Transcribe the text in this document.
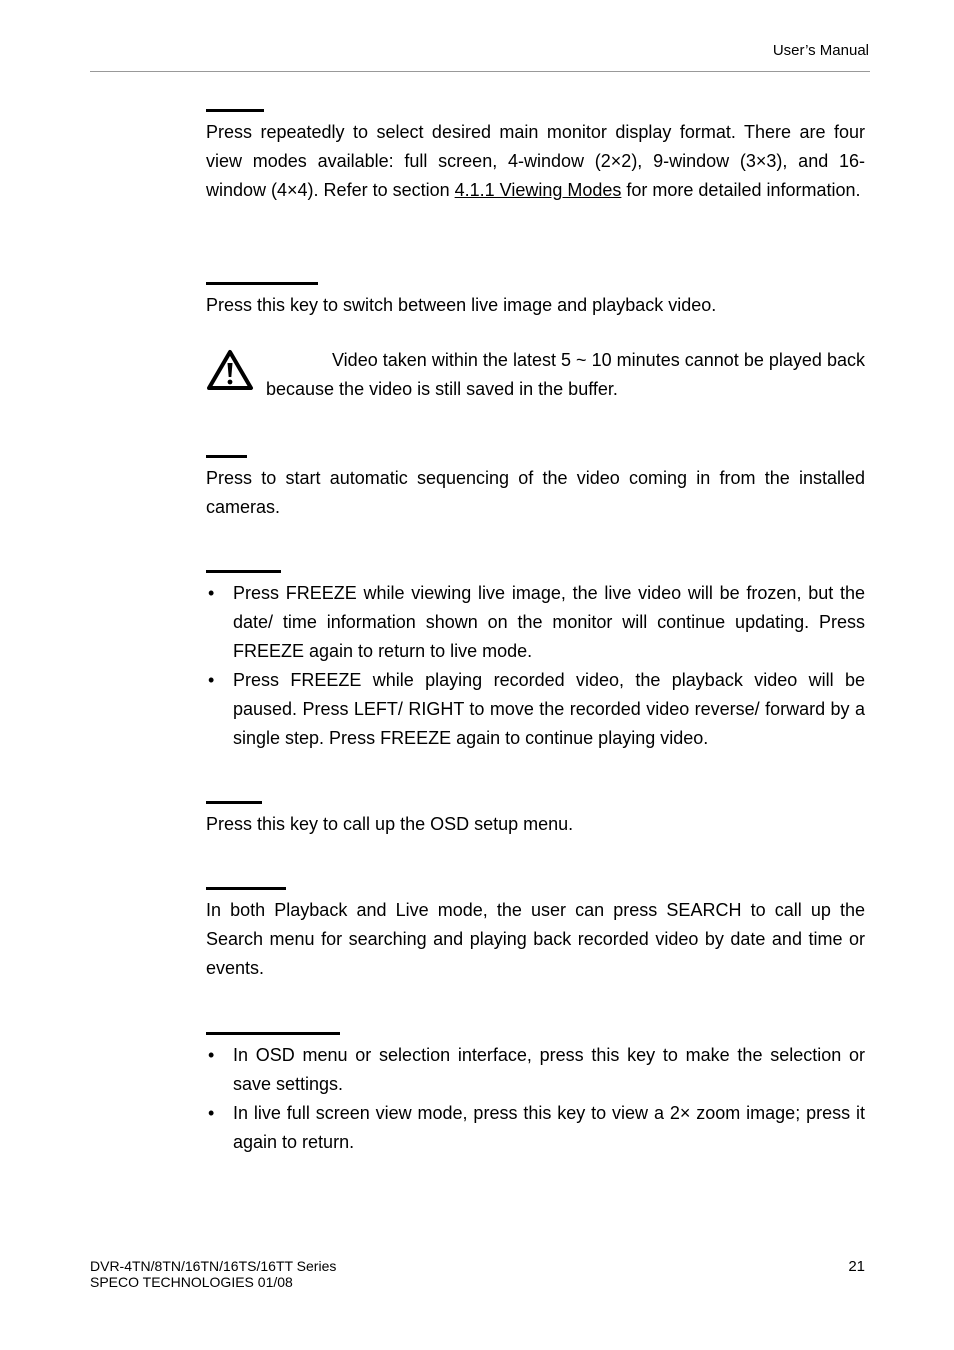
User’s Manual

Press repeatedly to select desired main monitor display format. There are four view modes available: full screen, 4-window (2×2), 9-window (3×3), and 16-window (4×4). Refer to section 4.1.1 Viewing Modes for more detailed information.

Press this key to switch between live image and playback video.

Video taken within the latest 5 ~ 10 minutes cannot be played back because the video is still saved in the buffer.

Press to start automatic sequencing of the video coming in from the installed cameras.

• Press FREEZE while viewing live image, the live video will be frozen, but the date/ time information shown on the monitor will continue updating. Press FREEZE again to return to live mode.
• Press FREEZE while playing recorded video, the playback video will be paused. Press LEFT/ RIGHT to move the recorded video reverse/ forward by a single step. Press FREEZE again to continue playing video.

Press this key to call up the OSD setup menu.

In both Playback and Live mode, the user can press SEARCH to call up the Search menu for searching and playing back recorded video by date and time or events.

• In OSD menu or selection interface, press this key to make the selection or save settings.
• In live full screen view mode, press this key to view a 2× zoom image; press it again to return.
DVR-4TN/8TN/16TN/16TS/16TT Series
SPECO TECHNOLOGIES 01/08
21
